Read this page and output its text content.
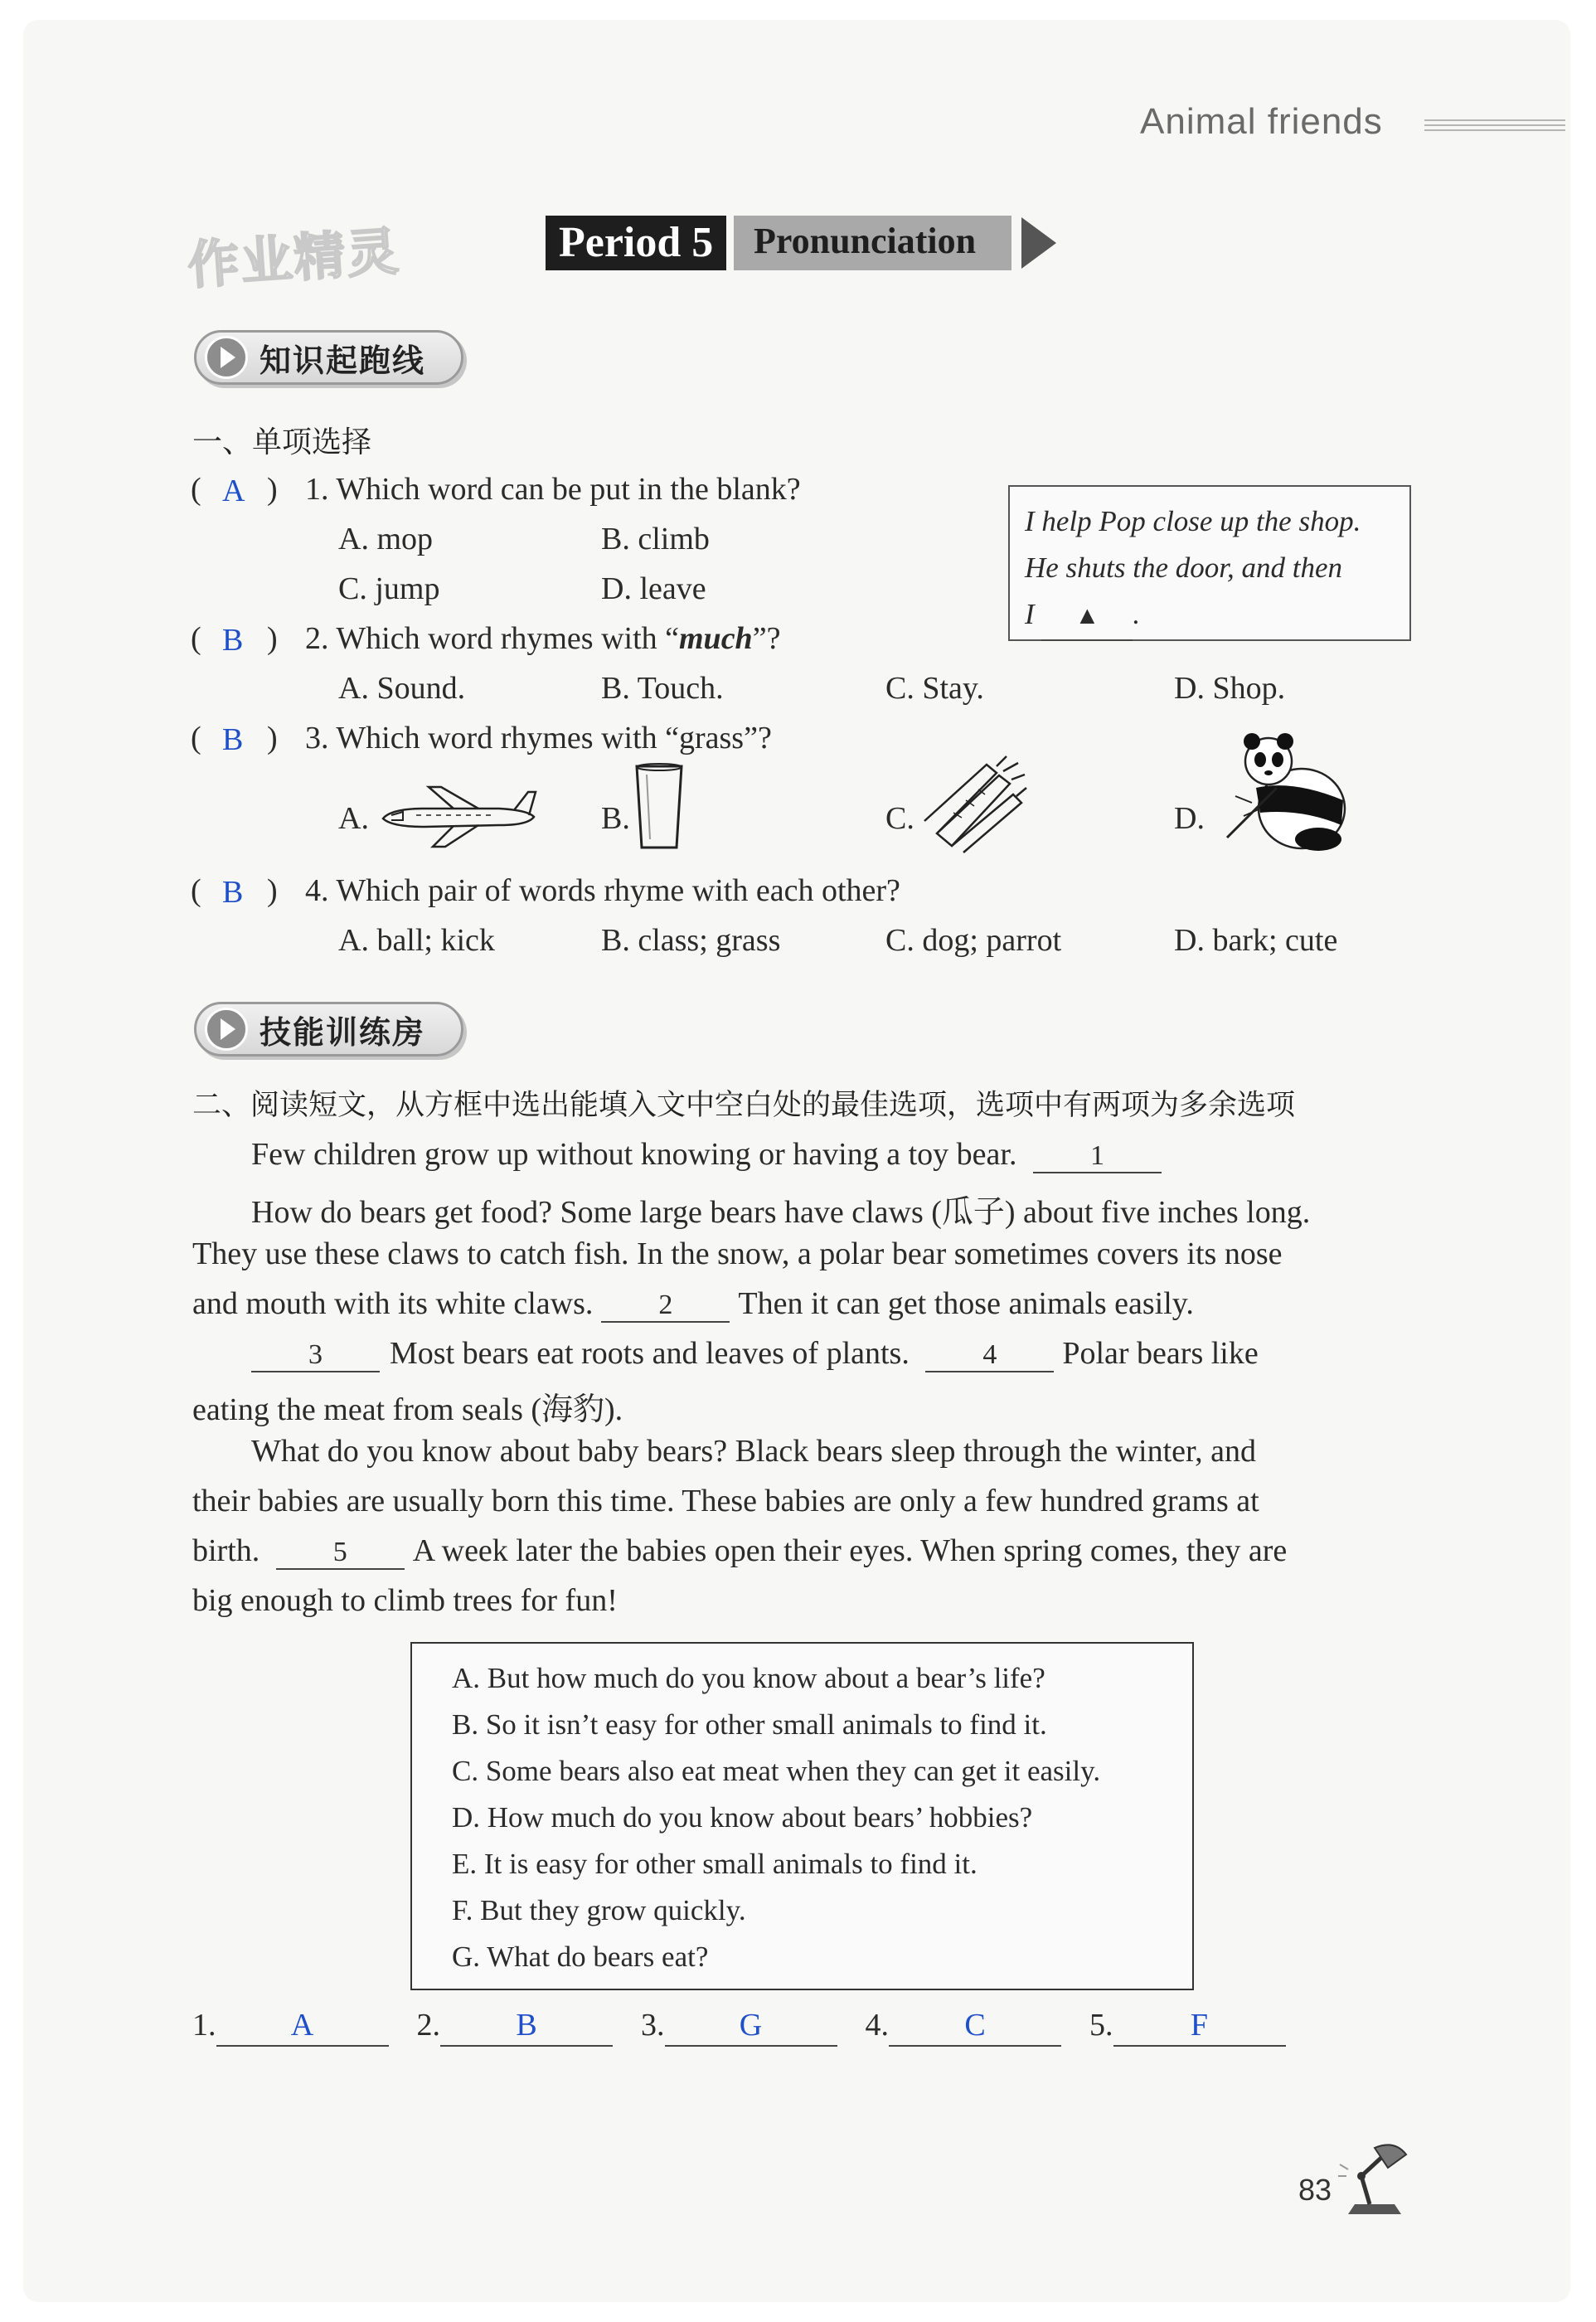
Animal friends
作业精灵	Period 5	Pronunciation
知识起跑线
一、单项选择
( A ) 1. Which word can be put in the blank?
A. mop	B. climb
C. jump	D. leave
I help Pop close up the shop.
He shuts the door, and then
I ▲ .
( B ) 2. Which word rhymes with “much”?
A. Sound.	B. Touch.	C. Stay.	D. Shop.
( B ) 3. Which word rhymes with “grass”?
A.	B.	C.	D.
( B ) 4. Which pair of words rhyme with each other?
A. ball; kick	B. class; grass	C. dog; parrot	D. bark; cute
技能训练房
二、阅读短文，从方框中选出能填入文中空白处的最佳选项，选项中有两项为多余选项
Few children grow up without knowing or having a toy bear.	1
How do bears get food? Some large bears have claws (瓜子) about five inches long.
They use these claws to catch fish. In the snow, a polar bear sometimes covers its nose
and mouth with its white claws. 2 Then it can get those animals easily.
3 Most bears eat roots and leaves of plants.	4 Polar bears like
eating the meat from seals (海豹).
What do you know about baby bears? Black bears sleep through the winter, and
their babies are usually born this time. These babies are only a few hundred grams at
birth.	5 A week later the babies open their eyes. When spring comes, they are
big enough to climb trees for fun!
A. But how much do you know about a bear’s life?
B. So it isn’t easy for other small animals to find it.
C. Some bears also eat meat when they can get it easily.
D. How much do you know about bears’ hobbies?
E. It is easy for other small animals to find it.
F. But they grow quickly.
G. What do bears eat?
1. A	2. B	3. G	4. C	5. F
83
